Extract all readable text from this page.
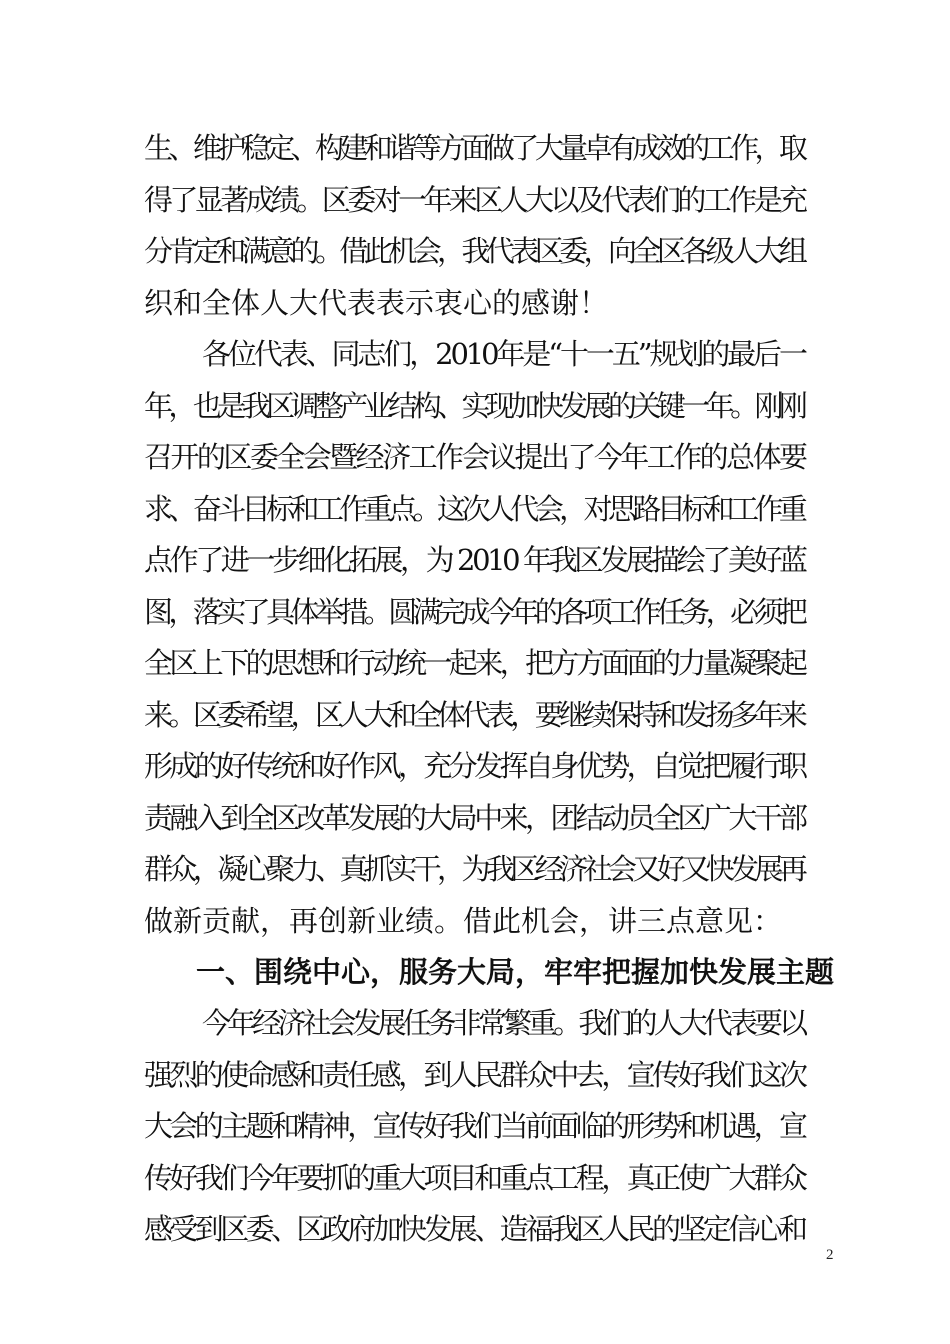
生、维护稳定、构建和谐等方面做了大量卓有成效的工作，取
得了显著成绩。区委对一年来区人大以及代表们的工作是充
分肯定和满意的。借此机会，我代表区委，向全区各级人大组
织和全体人大代表表示衷心的感谢！
各位代表、同志们，2010年是“十一五”规划的最后一
年，也是我区调整产业结构、实现加快发展的关键一年。刚刚
召开的区委全会暨经济工作会议提出了今年工作的总体要
求、奋斗目标和工作重点。这次人代会，对思路目标和工作重
点作了进一步细化拓展，为 2010 年我区发展描绘了美好蓝
图，落实了具体举措。圆满完成今年的各项工作任务，必须把
全区上下的思想和行动统一起来，把方方面面的力量凝聚起
来。区委希望，区人大和全体代表，要继续保持和发扬多年来
形成的好传统和好作风，充分发挥自身优势，自觉把履行职
责融入到全区改革发展的大局中来，团结动员全区广大干部
群众，凝心聚力、真抓实干，为我区经济社会又好又快发展再
做新贡献，再创新业绩。借此机会，讲三点意见：
一、围绕中心，服务大局，牢牢把握加快发展主题
今年经济社会发展任务非常繁重。我们的人大代表要以
强烈的使命感和责任感，到人民群众中去，宣传好我们这次
大会的主题和精神，宣传好我们当前面临的形势和机遇，宣
传好我们今年要抓的重大项目和重点工程，真正使广大群众
感受到区委、区政府加快发展、造福我区人民的坚定信心和
2
